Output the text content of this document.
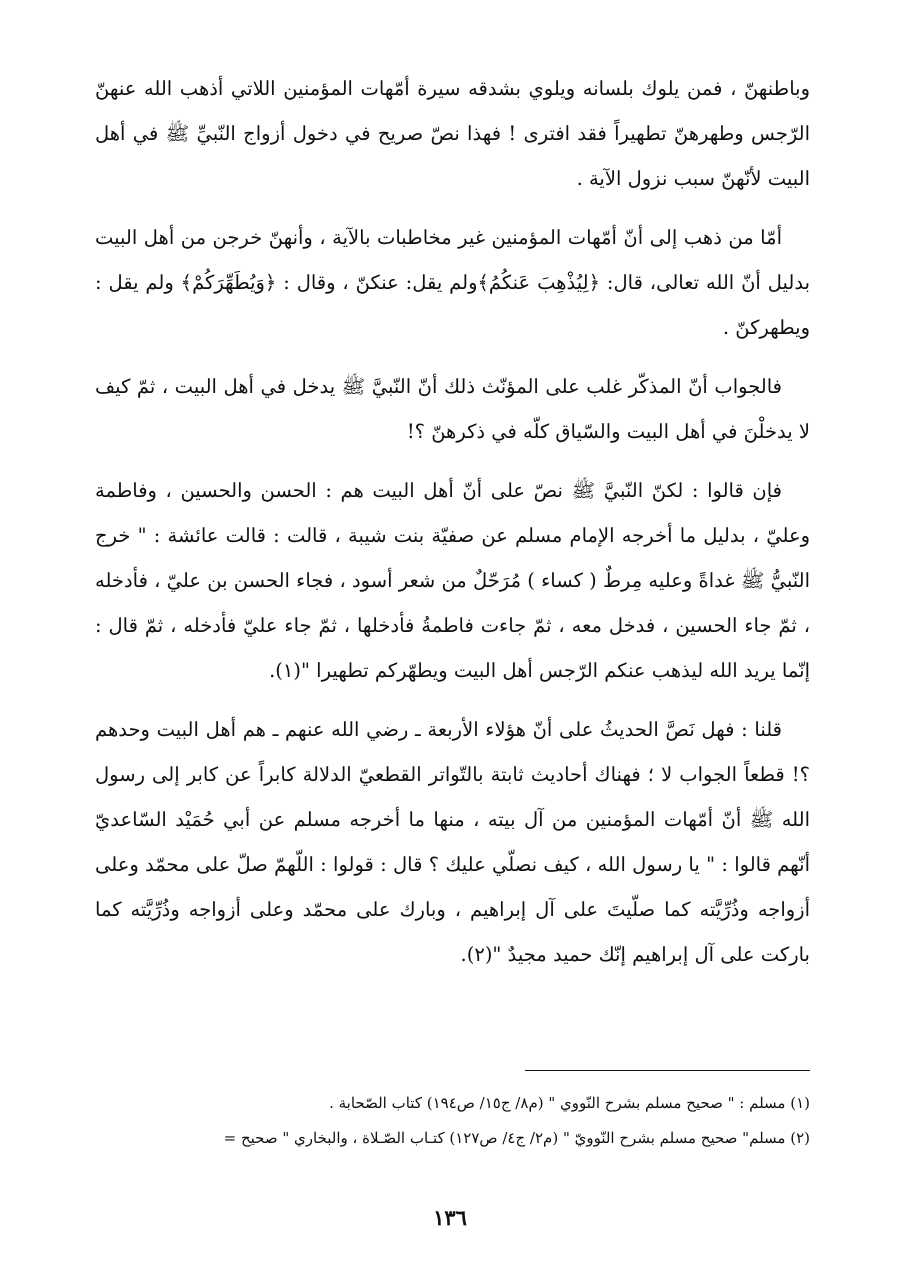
وباطنهنّ ، فمن يلوك بلسانه ويلوي بشدقه سيرة أمّهات المؤمنين اللاتي أذهب الله عنهنّ الرّجس وطهرهنّ تطهيراً فقد افترى ! فهذا نصّ صريح في دخول أزواج النّبيِّ ﷺ في أهل البيت لأنّهنّ سبب نزول الآية .

أمّا من ذهب إلى أنّ أمّهات المؤمنين غير مخاطبات بالآية ، وأنهنّ خرجن من أهل البيت بدليل أنّ الله تعالى، قال: ﴿لِيُذْهِبَ عَنكُمُ﴾ولم يقل: عنكنّ ، وقال : ﴿وَيُطَهِّرَكُمْ﴾ ولم يقل : ويطهركنّ .

فالجواب أنّ المذكّر غلب على المؤنّث ذلك أنّ النّبيَّ ﷺ يدخل في أهل البيت ، ثمّ كيف لا يدخلْنَ في أهل البيت والسّياق كلّه في ذكرهنّ ؟!

فإن قالوا : لكنّ النّبيَّ ﷺ نصّ على أنّ أهل البيت هم : الحسن والحسين ، وفاطمة وعليّ ، بدليل ما أخرجه الإمام مسلم عن صفيّة بنت شيبة ، قالت : قالت عائشة : " خرج النّبيُّ ﷺ غداةً وعليه مِرطٌ ( كساء ) مُرَحّلٌ من شعر أسود ، فجاء الحسن بن عليّ ، فأدخله ، ثمّ جاء الحسين ، فدخل معه ، ثمّ جاءت فاطمةُ فأدخلها ، ثمّ جاء عليّ فأدخله ، ثمّ قال : إنّما يريد الله ليذهب عنكم الرّجس أهل البيت ويطهّركم تطهيرا "(١).

قلنا : فهل نَصَّ الحديثُ على أنّ هؤلاء الأربعة ـ رضي الله عنهم ـ هم أهل البيت وحدهم ؟! قطعاً الجواب لا ؛ فهناك أحاديث ثابتة بالتّواتر القطعيّ الدلالة كابراً عن كابر إلى رسول الله ﷺ أنّ أمّهات المؤمنين من آل بيته ، منها ما أخرجه مسلم عن أبي حُمَيْد السّاعديّ أنّهم قالوا : " يا رسول الله ، كيف نصلّي عليك ؟ قال : قولوا : اللّهمّ صلّ على محمّد وعلى أزواجه وذُرِّيَّته كما صلّيتَ على آل إبراهيم ، وبارك على محمّد وعلى أزواجه وذُرِّيَّته كما باركت على آل إبراهيم إنّك حميد مجيدٌ "(٢).

(١) مسلم : " صحيح مسلم بشرح النّووي " (م٨/ ج١٥/ ص١٩٤) كتاب الصّحابة .

(٢) مسلم" صحيح مسلم بشرح النّوويّ " (م٢/ ج٤/ ص١٢٧) كتـاب الصّـلاة ، والبخاري " صحيح =

١٣٦
